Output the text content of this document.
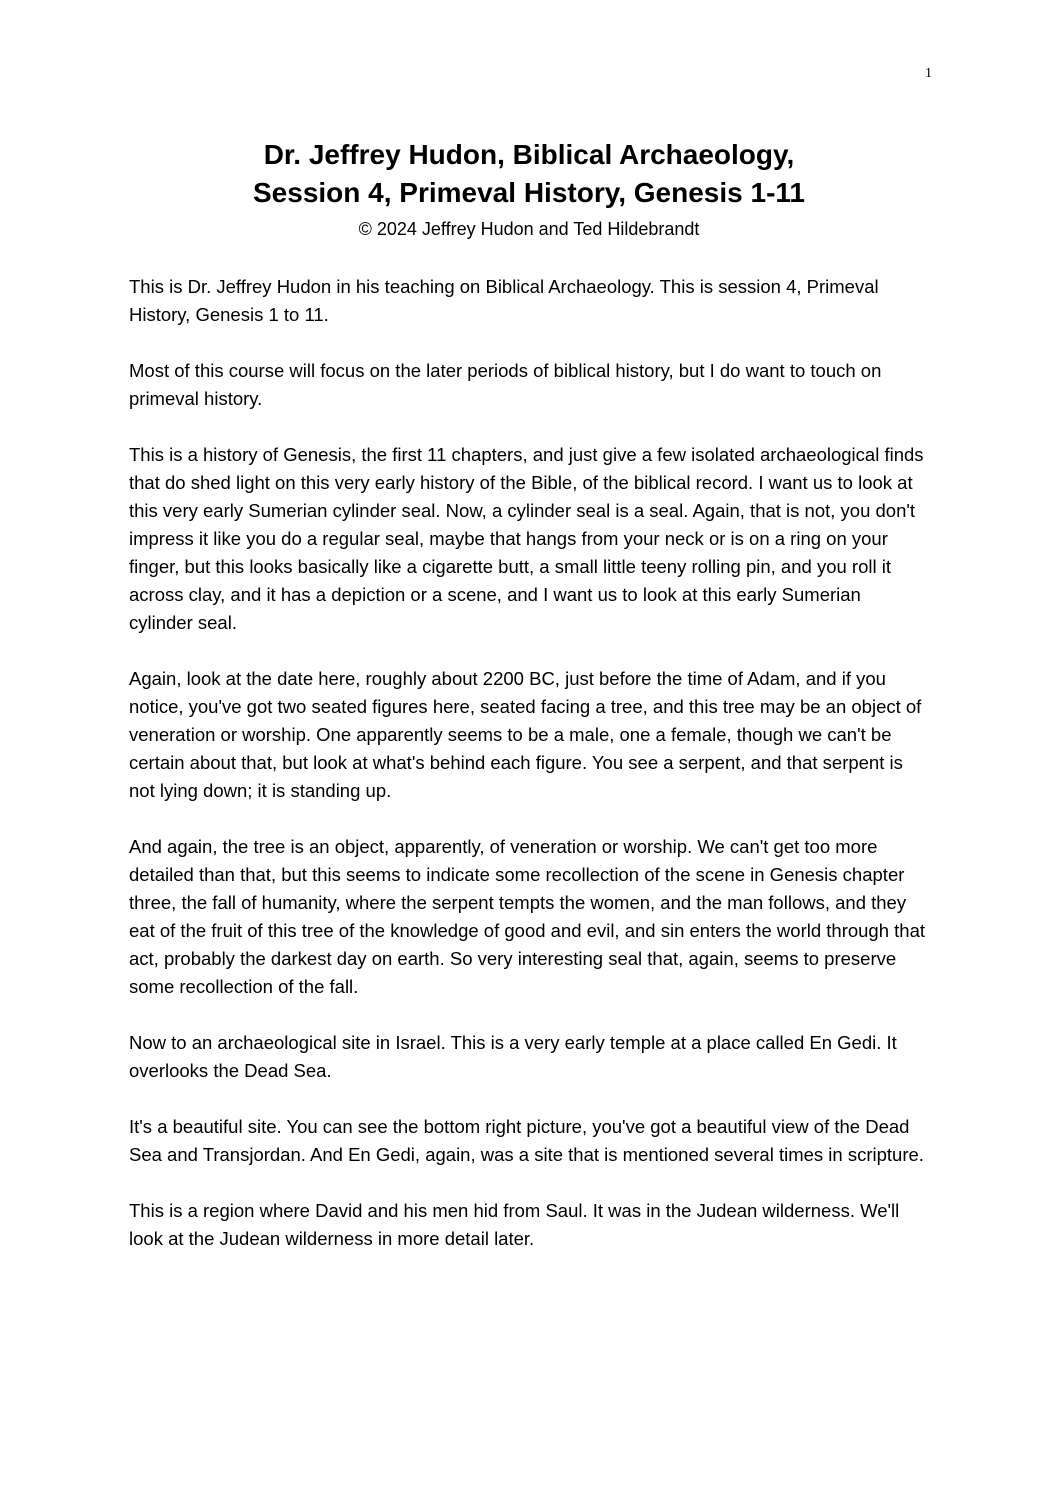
1
Dr. Jeffrey Hudon, Biblical Archaeology,
Session 4, Primeval History, Genesis 1-11
© 2024 Jeffrey Hudon and Ted Hildebrandt

This is Dr. Jeffrey Hudon in his teaching on Biblical Archaeology. This is session 4, Primeval History, Genesis 1 to 11.

Most of this course will focus on the later periods of biblical history, but I do want to touch on primeval history.

This is a history of Genesis, the first 11 chapters, and just give a few isolated archaeological finds that do shed light on this very early history of the Bible, of the biblical record. I want us to look at this very early Sumerian cylinder seal. Now, a cylinder seal is a seal. Again, that is not, you don't impress it like you do a regular seal, maybe that hangs from your neck or is on a ring on your finger, but this looks basically like a cigarette butt, a small little teeny rolling pin, and you roll it across clay, and it has a depiction or a scene, and I want us to look at this early Sumerian cylinder seal.

Again, look at the date here, roughly about 2200 BC, just before the time of Adam, and if you notice, you've got two seated figures here, seated facing a tree, and this tree may be an object of veneration or worship. One apparently seems to be a male, one a female, though we can't be certain about that, but look at what's behind each figure. You see a serpent, and that serpent is not lying down; it is standing up.

And again, the tree is an object, apparently, of veneration or worship. We can't get too more detailed than that, but this seems to indicate some recollection of the scene in Genesis chapter three, the fall of humanity, where the serpent tempts the women, and the man follows, and they eat of the fruit of this tree of the knowledge of good and evil, and sin enters the world through that act, probably the darkest day on earth. So very interesting seal that, again, seems to preserve some recollection of the fall.

Now to an archaeological site in Israel. This is a very early temple at a place called En Gedi. It overlooks the Dead Sea.

It's a beautiful site. You can see the bottom right picture, you've got a beautiful view of the Dead Sea and Transjordan. And En Gedi, again, was a site that is mentioned several times in scripture.

This is a region where David and his men hid from Saul. It was in the Judean wilderness. We'll look at the Judean wilderness in more detail later.
